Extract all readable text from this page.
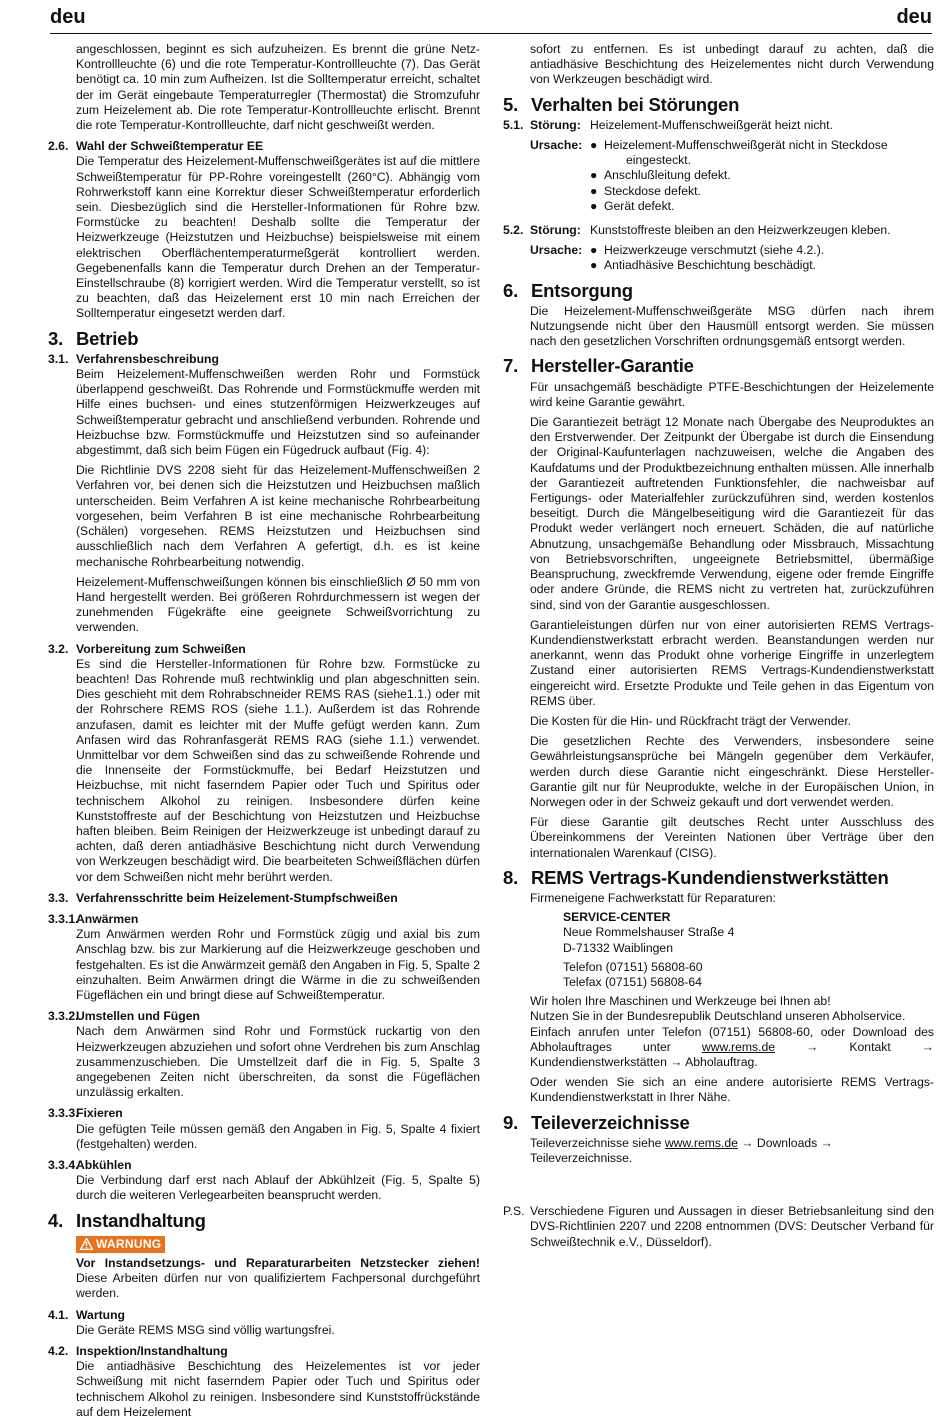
deu	deu

angeschlossen, beginnt es sich aufzuheizen. Es brennt die grüne Netz-Kontrollleuchte (6) und die rote Temperatur-Kontrollleuchte (7). Das Gerät benötigt ca. 10 min zum Aufheizen. Ist die Solltemperatur erreicht, schaltet der im Gerät eingebaute Temperaturregler (Thermostat) die Stromzufuhr zum Heizelement ab. Die rote Temperatur-Kontrollleuchte erlischt. Brennt die rote Temperatur-Kontrollleuchte, darf nicht geschweißt werden.

2.6. Wahl der Schweißtemperatur EE

Die Temperatur des Heizelement-Muffenschweißgerätes ist auf die mittlere Schweißtemperatur für PP-Rohre voreingestellt (260°C). Abhängig vom Rohrwerkstoff kann eine Korrektur dieser Schweißtemperatur erforderlich sein. Diesbezüglich sind die Hersteller-Informationen für Rohre bzw. Formstücke zu beachten! Deshalb sollte die Temperatur der Heizwerkzeuge (Heizstutzen und Heizbuchse) beispielsweise mit einem elektrischen Oberflächentemperaturmeßgerät kontrolliert werden. Gegebenenfalls kann die Temperatur durch Drehen an der Temperatur-Einstellschraube (8) korrigiert werden. Wird die Temperatur verstellt, so ist zu beachten, daß das Heizelement erst 10 min nach Erreichen der Solltemperatur eingesetzt werden darf.

3. Betrieb
3.1. Verfahrensbeschreibung

Beim Heizelement-Muffenschweißen werden Rohr und Formstück überlappend geschweißt. Das Rohrende und Formstückmuffe werden mit Hilfe eines buchsen- und eines stutzenförmigen Heizwerkzeuges auf Schweißtemperatur gebracht und anschließend verbunden. Rohrende und Heizbuchse bzw. Formstückmuffe und Heizstutzen sind so aufeinander abgestimmt, daß sich beim Fügen ein Fügedruck aufbaut (Fig. 4):

Die Richtlinie DVS 2208 sieht für das Heizelement-Muffenschweißen 2 Verfahren vor, bei denen sich die Heizstutzen und Heizbuchsen maßlich unterscheiden. Beim Verfahren A ist keine mechanische Rohrbearbeitung vorgesehen, beim Verfahren B ist eine mechanische Rohrbearbeitung (Schälen) vorgesehen. REMS Heizstutzen und Heizbuchsen sind ausschließlich nach dem Verfahren A gefertigt, d.h. es ist keine mechanische Rohrbearbeitung notwendig.

Heizelement-Muffenschweißungen können bis einschließlich Ø 50 mm von Hand hergestellt werden. Bei größeren Rohrdurchmessern ist wegen der zunehmenden Fügekräfte eine geeignete Schweißvorrichtung zu verwenden.

3.2. Vorbereitung zum Schweißen

Es sind die Hersteller-Informationen für Rohre bzw. Formstücke zu beachten! Das Rohrende muß rechtwinklig und plan abgeschnitten sein. Dies geschieht mit dem Rohrabschneider REMS RAS (siehe1.1.) oder mit der Rohrschere REMS ROS (siehe 1.1.). Außerdem ist das Rohrende anzufasen, damit es leichter mit der Muffe gefügt werden kann. Zum Anfasen wird das Rohranfasgerät REMS RAG (siehe 1.1.) verwendet. Unmittelbar vor dem Schweißen sind das zu schweißende Rohrende und die Innenseite der Formstückmuffe, bei Bedarf Heizstutzen und Heizbuchse, mit nicht faserndem Papier oder Tuch und Spiritus oder technischem Alkohol zu reinigen. Insbesondere dürfen keine Kunststoffreste auf der Beschichtung von Heizstutzen und Heizbuchse haften bleiben. Beim Reinigen der Heizwerkzeuge ist unbedingt darauf zu achten, daß deren antiadhäsive Beschichtung nicht durch Verwendung von Werkzeugen beschädigt wird. Die bearbeiteten Schweißflächen dürfen vor dem Schweißen nicht mehr berührt werden.

3.3. Verfahrensschritte beim Heizelement-Stumpfschweißen
3.3.1.
Anwärmen

Zum Anwärmen werden Rohr und Formstück zügig und axial bis zum Anschlag bzw. bis zur Markierung auf die Heizwerkzeuge geschoben und festgehalten. Es ist die Anwärmzeit gemäß den Angaben in Fig. 5, Spalte 2 einzuhalten. Beim Anwärmen dringt die Wärme in die zu schweißenden Fügeflächen ein und bringt diese auf Schweißtemperatur.

3.3.2.
Umstellen und Fügen

Nach dem Anwärmen sind Rohr und Formstück ruckartig von den Heizwerkzeugen abzuziehen und sofort ohne Verdrehen bis zum Anschlag zusammenzuschieben. Die Umstellzeit darf die in Fig. 5, Spalte 3 angegebenen Zeiten nicht überschreiten, da sonst die Fügeflächen unzulässig erkalten.

3.3.3.
Fixieren

Die gefügten Teile müssen gemäß den Angaben in Fig. 5, Spalte 4 fixiert (festgehalten) werden.

3.3.4.
Abkühlen

Die Verbindung darf erst nach Ablauf der Abkühlzeit (Fig. 5, Spalte 5) durch die weiteren Verlegearbeiten beansprucht werden.

4. Instandhaltung
WARNUNG

Vor Instandsetzungs- und Reparaturarbeiten Netzstecker ziehen! Diese Arbeiten dürfen nur von qualifiziertem Fachpersonal durchgeführt werden.

4.1. Wartung

Die Geräte REMS MSG sind völlig wartungsfrei.

4.2. Inspektion/Instandhaltung

Die antiadhäsive Beschichtung des Heizelementes ist vor jeder Schweißung mit nicht faserndem Papier oder Tuch und Spiritus oder technischem Alkohol zu reinigen. Insbesondere sind Kunststoffrückstände auf dem Heizelement

sofort zu entfernen. Es ist unbedingt darauf zu achten, daß die antiadhäsive Beschichtung des Heizelementes nicht durch Verwendung von Werkzeugen beschädigt wird.

5. Verhalten bei Störungen
5.1. Störung: Heizelement-Muffenschweißgerät heizt nicht.
Ursache: ● Heizelement-Muffenschweißgerät nicht in Steckdose
eingesteckt.
● Anschlußleitung defekt.
● Steckdose defekt.
● Gerät defekt.
5.2. Störung: Kunststoffreste bleiben an den Heizwerkzeugen kleben.
Ursache: ● Heizwerkzeuge verschmutzt (siehe 4.2.).
● Antiadhäsive Beschichtung beschädigt.
6. Entsorgung

Die Heizelement-Muffenschweißgeräte MSG dürfen nach ihrem Nutzungsende nicht über den Hausmüll entsorgt werden. Sie müssen nach den gesetzlichen Vorschriften ordnungsgemäß entsorgt werden.

7. Hersteller-Garantie

Für unsachgemäß beschädigte PTFE-Beschichtungen der Heizelemente wird keine Garantie gewährt.

Die Garantiezeit beträgt 12 Monate nach Übergabe des Neuproduktes an den Erstverwender. Der Zeitpunkt der Übergabe ist durch die Einsendung der Original-Kaufunterlagen nachzuweisen, welche die Angaben des Kaufdatums und der Produktbezeichnung enthalten müssen. Alle innerhalb der Garantiezeit auftretenden Funktionsfehler, die nachweisbar auf Fertigungs- oder Materialfehler zurückzuführen sind, werden kostenlos beseitigt. Durch die Mängelbeseitigung wird die Garantiezeit für das Produkt weder verlängert noch erneuert. Schäden, die auf natürliche Abnutzung, unsachgemäße Behandlung oder Missbrauch, Missachtung von Betriebsvorschriften, ungeeignete Betriebsmittel, übermäßige Beanspruchung, zweckfremde Verwendung, eigene oder fremde Eingriffe oder andere Gründe, die REMS nicht zu vertreten hat, zurückzuführen sind, sind von der Garantie ausgeschlossen.

Garantieleistungen dürfen nur von einer autorisierten REMS Vertrags-Kundendienstwerkstatt erbracht werden. Beanstandungen werden nur anerkannt, wenn das Produkt ohne vorherige Eingriffe in unzerlegtem Zustand einer autorisierten REMS Vertrags-Kundendienstwerkstatt eingereicht wird. Ersetzte Produkte und Teile gehen in das Eigentum von REMS über.

Die Kosten für die Hin- und Rückfracht trägt der Verwender.

Die gesetzlichen Rechte des Verwenders, insbesondere seine Gewährleistungsansprüche bei Mängeln gegenüber dem Verkäufer, werden durch diese Garantie nicht eingeschränkt. Diese Hersteller-Garantie gilt nur für Neuprodukte, welche in der Europäischen Union, in Norwegen oder in der Schweiz gekauft und dort verwendet werden.

Für diese Garantie gilt deutsches Recht unter Ausschluss des Übereinkommens der Vereinten Nationen über Verträge über den internationalen Warenkauf (CISG).

8. REMS Vertrags-Kundendienstwerkstätten

Firmeneigene Fachwerkstatt für Reparaturen:

SERVICE-CENTER
Neue Rommelshauser Straße 4
D-71332 Waiblingen
Telefon (07151) 56808-60
Telefax (07151) 56808-64

Wir holen Ihre Maschinen und Werkzeuge bei Ihnen ab!

Nutzen Sie in der Bundesrepublik Deutschland unseren Abholservice.

Einfach anrufen unter Telefon (07151) 56808-60, oder Download des Abholauftrages unter www.rems.de → Kontakt → Kundendienstwerkstätten → Abholauftrag.

Oder wenden Sie sich an eine andere autorisierte REMS Vertrags-Kundendienstwerkstatt in Ihrer Nähe.

9. Teileverzeichnisse

Teileverzeichnisse siehe www.rems.de → Downloads → Teileverzeichnisse.

P.S. Verschiedene Figuren und Aussagen in dieser Betriebsanleitung sind den DVS-Richtlinien 2207 und 2208 entnommen (DVS: Deutscher Verband für Schweißtechnik e.V., Düsseldorf).
